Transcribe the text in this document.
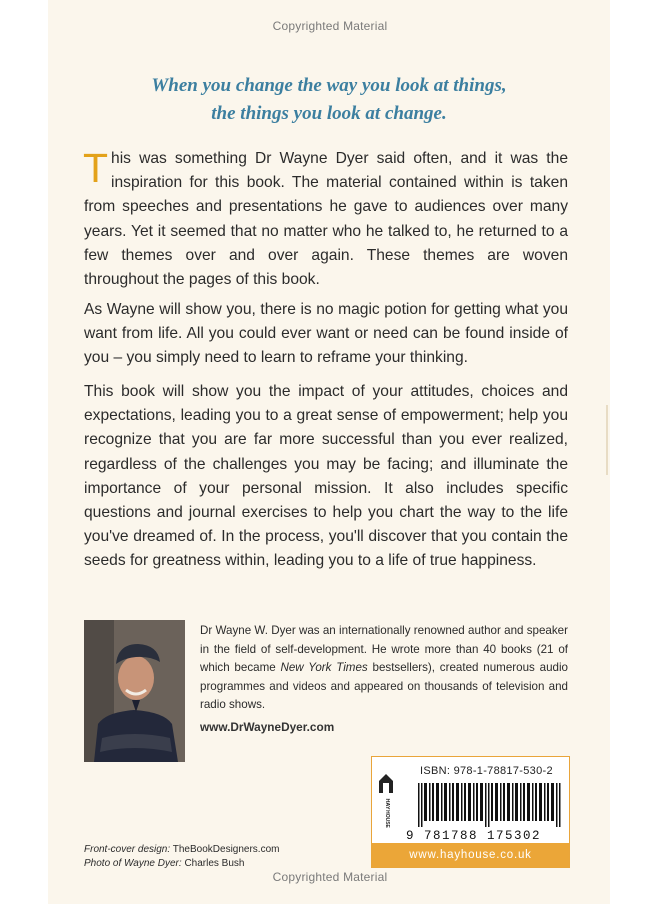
Copyrighted Material
When you change the way you look at things,
the things you look at change.
This was something Dr Wayne Dyer said often, and it was the inspiration for this book. The material contained within is taken from speeches and presentations he gave to audiences over many years. Yet it seemed that no matter who he talked to, he returned to a few themes over and over again. These themes are woven throughout the pages of this book.
As Wayne will show you, there is no magic potion for getting what you want from life. All you could ever want or need can be found inside of you – you simply need to learn to reframe your thinking.
This book will show you the impact of your attitudes, choices and expectations, leading you to a great sense of empowerment; help you recognize that you are far more successful than you ever realized, regardless of the challenges you may be facing; and illuminate the importance of your personal mission. It also includes specific questions and journal exercises to help you chart the way to the life you've dreamed of. In the process, you'll discover that you contain the seeds for greatness within, leading you to a life of true happiness.
Dr Wayne W. Dyer was an internationally renowned author and speaker in the field of self-development. He wrote more than 40 books (21 of which became New York Times bestsellers), created numerous audio programmes and videos and appeared on thousands of television and radio shows.
www.DrWayneDyer.com
HAY
HOUSE
ISBN: 978-1-78817-530-2
9 781788 175302
www.hayhouse.co.uk
Front-cover design: TheBookDesigners.com
Photo of Wayne Dyer: Charles Bush
Copyrighted Material
